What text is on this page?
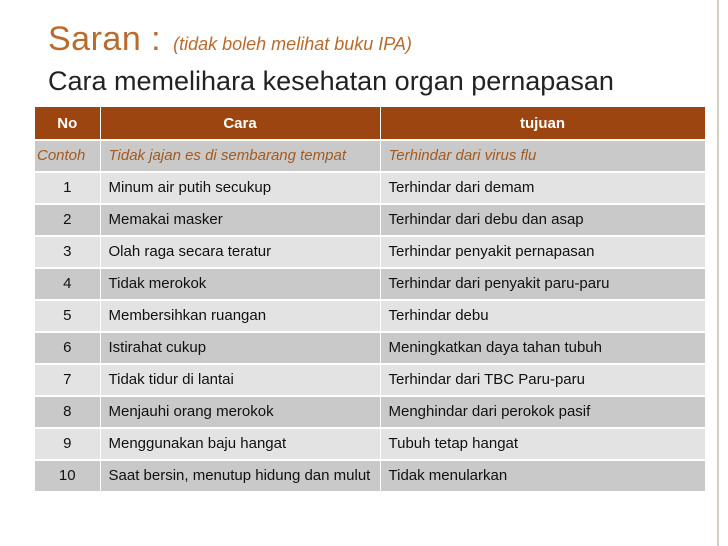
Saran : (tidak boleh melihat buku IPA)
Cara memelihara kesehatan organ pernapasan
No	Cara	tujuan
Contoh	Tidak jajan es di sembarang tempat	Terhindar dari virus flu
1	Minum air putih secukup	Terhindar dari demam
2	Memakai masker	Terhindar dari debu dan asap
3	Olah raga secara teratur	Terhindar penyakit pernapasan
4	Tidak merokok	Terhindar dari penyakit paru-paru
5	Membersihkan ruangan	Terhindar debu
6	Istirahat cukup	Meningkatkan daya tahan tubuh
7	Tidak tidur di lantai	Terhindar dari TBC Paru-paru
8	Menjauhi orang merokok	Menghindar dari perokok pasif
9	Menggunakan baju hangat	Tubuh tetap hangat
10	Saat bersin, menutup hidung dan mulut	Tidak menularkan
